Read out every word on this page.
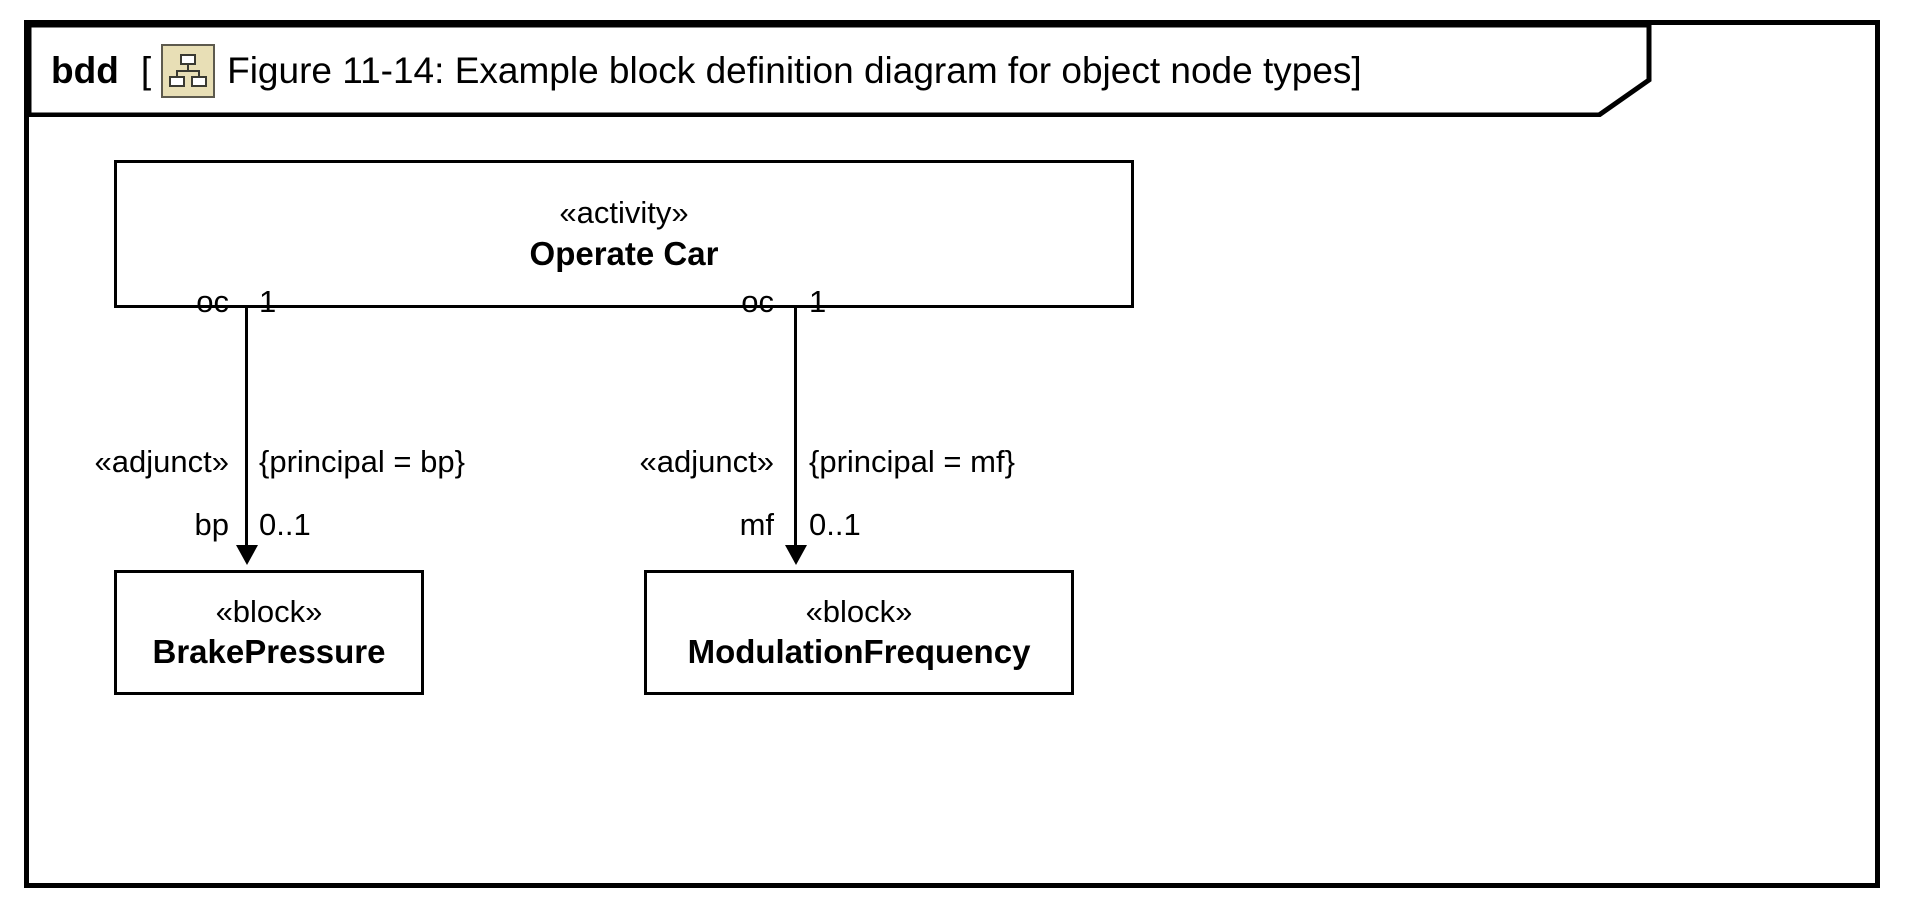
bdd [ Figure 11-14: Example block definition diagram for object node types]
«activity»
Operate Car
«block»
BrakePressure
«block»
ModulationFrequency
oc 1
«adjunct» {principal = bp}
bp 0..1
oc 1
«adjunct» {principal = mf}
mf 0..1
